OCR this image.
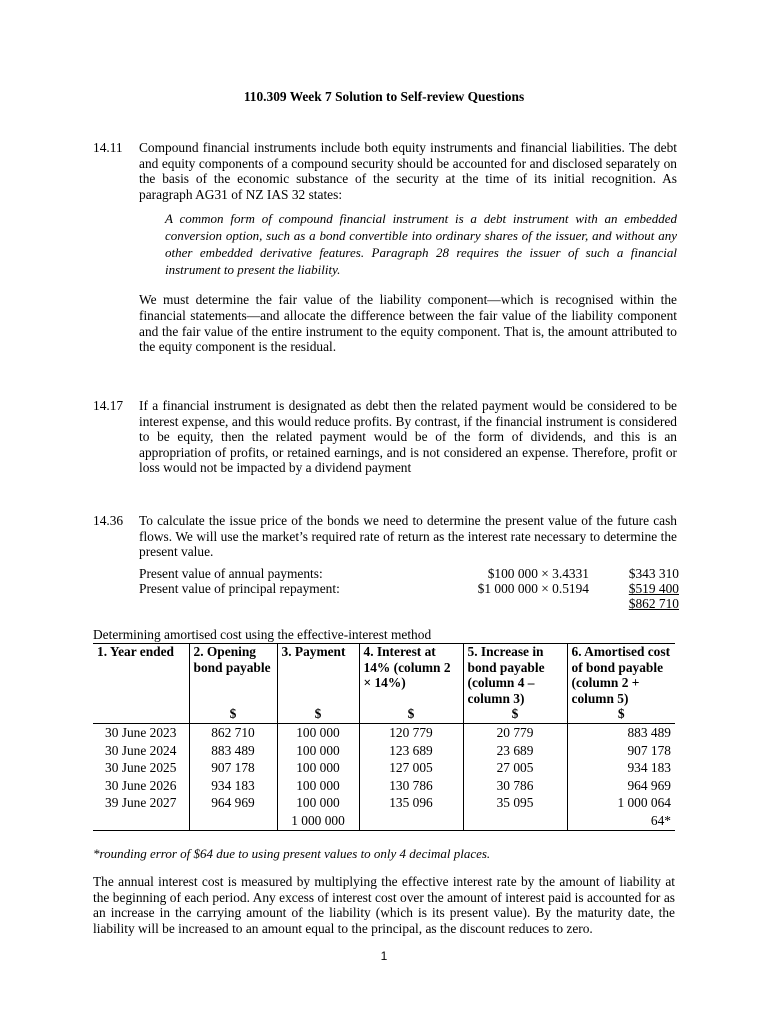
110.309 Week 7 Solution to Self-review Questions
14.11 Compound financial instruments include both equity instruments and financial liabilities. The debt and equity components of a compound security should be accounted for and disclosed separately on the basis of the economic substance of the security at the time of its initial recognition. As paragraph AG31 of NZ IAS 32 states:
A common form of compound financial instrument is a debt instrument with an embedded conversion option, such as a bond convertible into ordinary shares of the issuer, and without any other embedded derivative features. Paragraph 28 requires the issuer of such a financial instrument to present the liability.
We must determine the fair value of the liability component—which is recognised within the financial statements—and allocate the difference between the fair value of the liability component and the fair value of the entire instrument to the equity component. That is, the amount attributed to the equity component is the residual.
14.17 If a financial instrument is designated as debt then the related payment would be considered to be interest expense, and this would reduce profits. By contrast, if the financial instrument is considered to be equity, then the related payment would be of the form of dividends, and this is an appropriation of profits, or retained earnings, and is not considered an expense. Therefore, profit or loss would not be impacted by a dividend payment
14.36 To calculate the issue price of the bonds we need to determine the present value of the future cash flows. We will use the market’s required rate of return as the interest rate necessary to determine the present value.
Present value of annual payments:	$100 000 × 3.4331	$343 310
Present value of principal repayment:	$1 000 000 × 0.5194	$519 400
$862 710
Determining amortised cost using the effective-interest method
1. Year ended	2. Opening bond payable	3. Payment	4. Interest at 14% (column 2 × 14%)	5. Increase in bond payable (column 4 – column 3)	6. Amortised cost of bond payable (column 2 + column 5)
	$	$	$	$	$
30 June 2023	862 710	100 000	120 779	20 779	883 489
30 June 2024	883 489	100 000	123 689	23 689	907 178
30 June 2025	907 178	100 000	127 005	27 005	934 183
30 June 2026	934 183	100 000	130 786	30 786	964 969
39 June 2027	964 969	100 000	135 096	35 095	1 000 064
		1 000 000			64*
*rounding error of $64 due to using present values to only 4 decimal places.
The annual interest cost is measured by multiplying the effective interest rate by the amount of liability at the beginning of each period. Any excess of interest cost over the amount of interest paid is accounted for as an increase in the carrying amount of the liability (which is its present value). By the maturity date, the liability will be increased to an amount equal to the principal, as the discount reduces to zero.
1
